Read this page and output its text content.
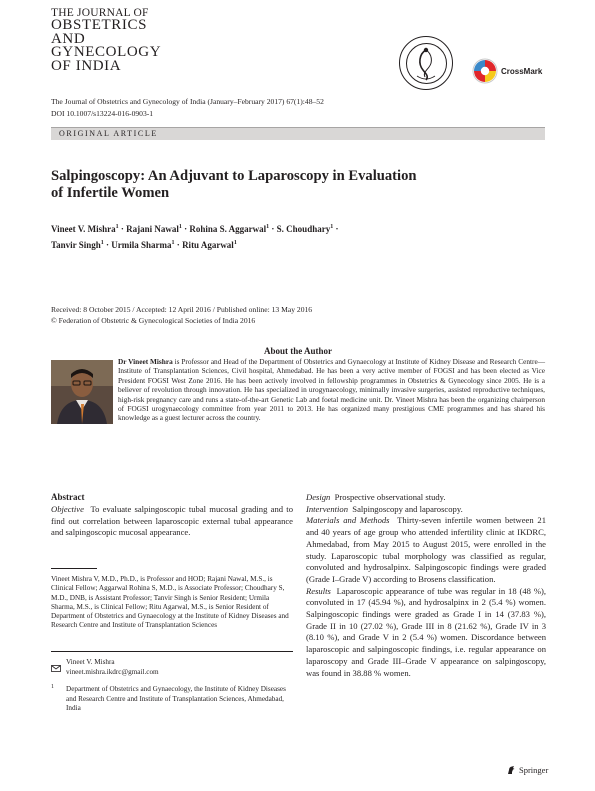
THE JOURNAL OF
OBSTETRICS
AND
GYNECOLOGY
OF INDIA	CrossMark
The Journal of Obstetrics and Gynecology of India (January–February 2017) 67(1):48–52
DOI 10.1007/s13224-016-0903-1
ORIGINAL ARTICLE
Salpingoscopy: An Adjuvant to Laparoscopy in Evaluation
of Infertile Women
Vineet V. Mishra$^1$ · Rajani Nawal$^1$ · Rohina S. Aggarwal$^1$ · S. Choudhary$^1$ ·
Tanvir Singh$^1$ · Urmila Sharma$^1$ · Ritu Agarwal$^1$
Received: 8 October 2015 / Accepted: 12 April 2016 / Published online: 13 May 2016
© Federation of Obstetric & Gynecological Societies of India 2016
About the Author
Dr Vineet Mishra is Professor and Head of the Department of Obstetrics and Gynaecology at Institute of Kidney Disease and Research Centre—Institute of Transplantation Sciences, Civil hospital, Ahmedabad. He has been a very active member of FOGSI and has been elected as Vice President FOGSI West Zone 2016. He has been actively involved in fellowship programmes in Obstetrics & Gynecology since 2005. He is a believer of revolution through innovation. He has specialized in urogynaecology, minimally invasive surgeries, assisted reproductive techniques, high-risk pregnancy care and runs a state-of-the-art Genetic Lab and foetal medicine unit. Dr. Vineet Mishra has been the organizing chairperson of FOGSI urogynaecology committee from year 2011 to 2013. He has organized many prestigious CME programmes and has shared his knowledge as a guest lecturer across the country.
Abstract
Objective To evaluate salpingoscopic tubal mucosal grading and to find out correlation between laparoscopic external tubal appearance and salpingoscopic mucosal appearance.
Vineet Mishra V, M.D., Ph.D., is Professor and HOD; Rajani Nawal, M.S., is Clinical Fellow; Aggarwal Rohina S, M.D., is Associate Professor; Choudhary S, M.D., DNB, is Assistant Professor; Tanvir Singh is Senior Resident; Urmila Sharma, M.S., is Clinical Fellow; Ritu Agarwal, M.S., is Senior Resident of Department of Obstetrics and Gynaecology at the Institute of Kidney Diseases and Research Centre and Institute of Transplantation Sciences
Vineet V. Mishra
vineet.mishra.ikdrc@gmail.com
1 Department of Obstetrics and Gynaecology, the Institute of Kidney Diseases and Research Centre and Institute of Transplantation Sciences, Ahmedabad, India

Design Prospective observational study.

Intervention Salpingoscopy and laparoscopy.

Materials and Methods Thirty-seven infertile women between 21 and 40 years of age group who attended infertility clinic at IKDRC, Ahmedabad, from May 2015 to August 2015, were enrolled in the study. Laparoscopic tubal morphology was classified as regular, convoluted and hydrosalpinx. Salpingoscopic findings were graded (Grade I–Grade V) according to Brosens classification.

Results Laparoscopic appearance of tube was regular in 18 (48 %), convoluted in 17 (45.94 %), and hydrosalpinx in 2 (5.4 %) women. Salpingoscopic findings were graded as Grade I in 14 (37.83 %), Grade II in 10 (27.02 %), Grade III in 8 (21.62 %), Grade IV in 3 (8.10 %), and Grade V in 2 (5.4 %) women. Discordance between laparoscopic and salpingoscopic findings, i.e. regular appearance on laparoscopy and Grade III–Grade V appearance on salpingoscopy, was found in 38.88 % women.

Springer
